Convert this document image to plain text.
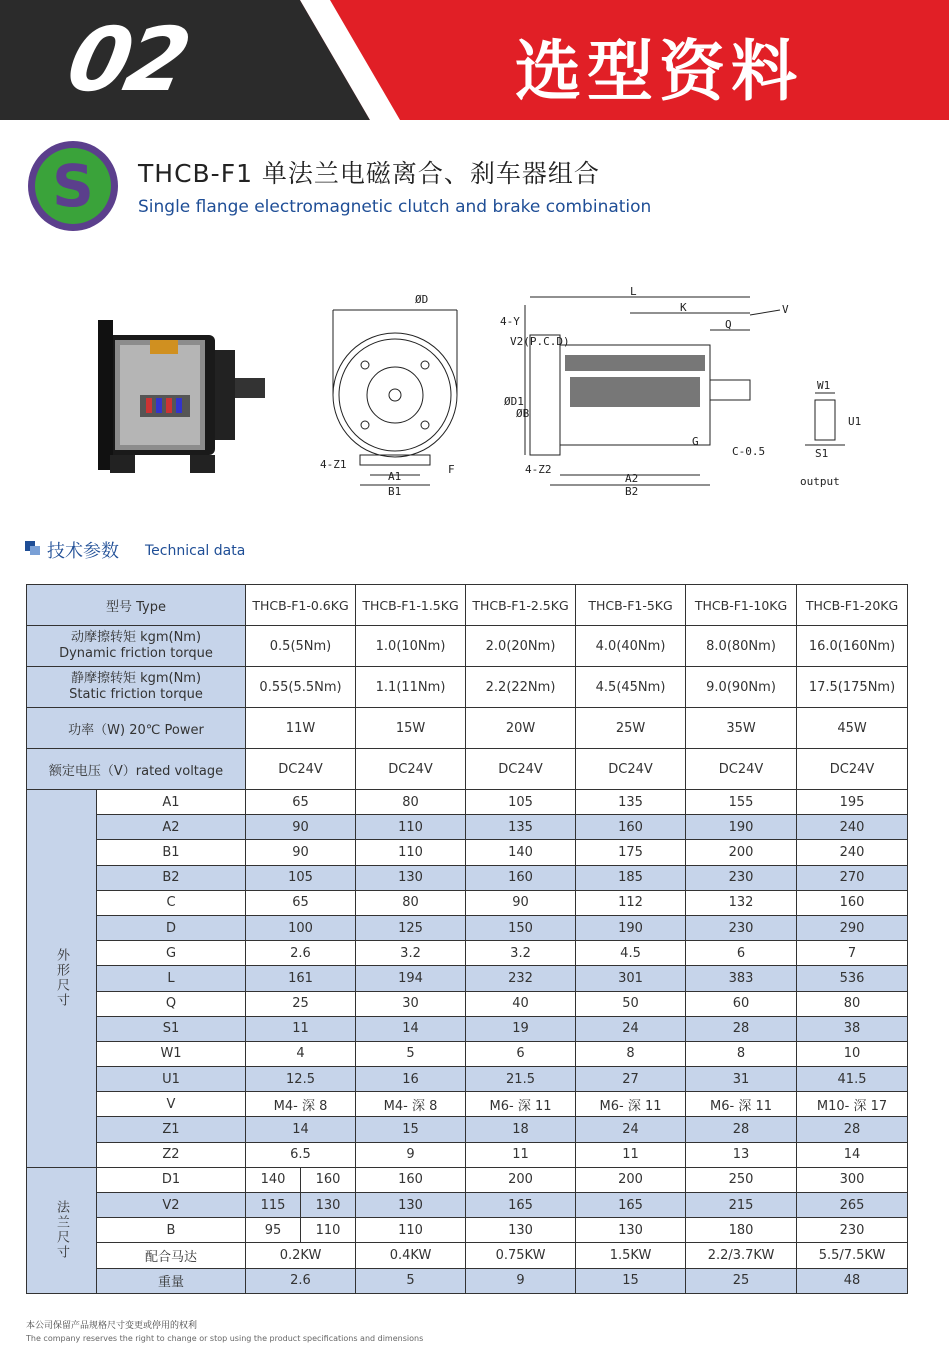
02	选型资料
S THCB-F1 单法兰电磁离合、刹车器组合
Single flange electromagnetic clutch and brake combination
ØD
4-Z1
A1
B1
F
4-Y
V2(P.C.D)
ØD1
ØB
L
K
Q
V
4-Z2
A2
B2
G
C-0.5
W1
S1
U1
output
技术参数 Technical data
型号 Type		THCB-F1-0.6KG		THCB-F1-1.5KG	THCB-F1-2.5KG	THCB-F1-5KG	THCB-F1-10KG	THCB-F1-20KG

动摩擦转矩 kgm(Nm)
Dynamic friction torque		0.5(5Nm)		1.0(10Nm)	2.0(20Nm)	4.0(40Nm)	8.0(80Nm)	16.0(160Nm)

静摩擦转矩 kgm(Nm)
Static friction torque		0.55(5.5Nm)		1.1(11Nm)	2.2(22Nm)	4.5(45Nm)	9.0(90Nm)	17.5(175Nm)
功率（W) 20℃ Power		11W		15W	20W	25W	35W	45W
额定电压（V）rated voltage		DC24V		DC24V	DC24V	DC24V	DC24V	DC24V
外形尺寸	A1	65		80	105	135	155	195
	A2	90		110	135	160	190	240
	B1	90		110	140	175	200	240
	B2	105		130	160	185	230	270
	C	65		80	90	112	132	160
	D	100		125	150	190	230	290
	G	2.6		3.2	3.2	4.5	6	7
	L	161		194	232	301	383	536
	Q	25		30	40	50	60	80
	S1	11		14	19	24	28	38
	W1	4		5	6	8	8	10
	U1	12.5		16	21.5	27	31	41.5
	V	M4- 深 8		M4- 深 8	M6- 深 11	M6- 深 11	M6- 深 11	M10- 深 17
	Z1	14		15	18	24	28	28
	Z2	6.5		9	11	11	13	14
法兰尺寸	D1	140	160	160	200	200	250	300
	V2	115	130	130	165	165	215	265
	B	95	110	110	130	130	180	230
	配合马达	0.2KW		0.4KW	0.75KW	1.5KW	2.2/3.7KW	5.5/7.5KW
	重量	2.6		5	9	15	25	48
本公司保留产品规格尺寸变更或停用的权利
The company reserves the right to change or stop using the product specifications and dimensions
